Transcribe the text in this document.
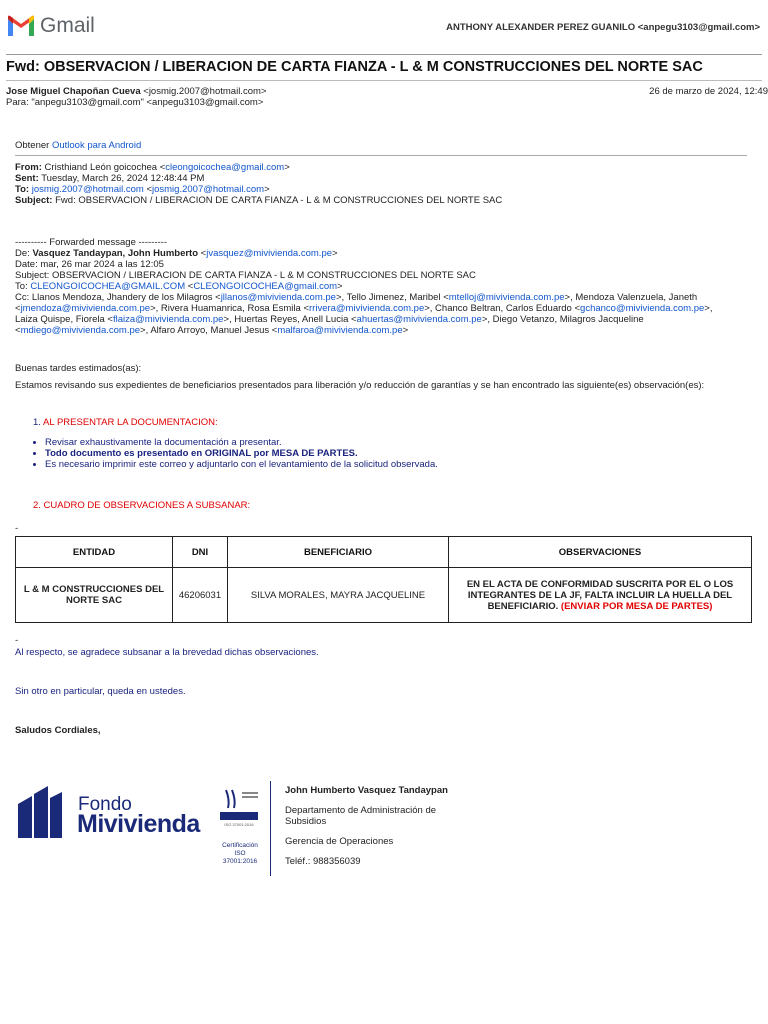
Gmail	ANTHONY ALEXANDER PEREZ GUANILO <anpegu3103@gmail.com>
Fwd: OBSERVACION / LIBERACION DE CARTA FIANZA - L & M CONSTRUCCIONES DEL NORTE SAC
Jose Miguel Chapoñan Cueva <josmig.2007@hotmail.com>	26 de marzo de 2024, 12:49
Para: "anpegu3103@gmail.com" <anpegu3103@gmail.com>
Obtener Outlook para Android
From: Cristhiand León goicochea <cleongoicochea@gmail.com>
Sent: Tuesday, March 26, 2024 12:48:44 PM
To: josmig.2007@hotmail.com <josmig.2007@hotmail.com>
Subject: Fwd: OBSERVACION / LIBERACION DE CARTA FIANZA - L & M CONSTRUCCIONES DEL NORTE SAC
---------- Forwarded message ---------
De: Vasquez Tandaypan, John Humberto <jvasquez@mivivienda.com.pe>
Date: mar, 26 mar 2024 a las 12:05
Subject: OBSERVACION / LIBERACION DE CARTA FIANZA - L & M CONSTRUCCIONES DEL NORTE SAC
To: CLEONGOICOCHEA@GMAIL.COM <CLEONGOICOCHEA@gmail.com>
Cc: Llanos Mendoza, Jhandery de los Milagros <jllanos@mivivienda.com.pe>, Tello Jimenez, Maribel <mtelloj@mivivienda.com.pe>, Mendoza Valenzuela, Janeth
<jmendoza@mivivienda.com.pe>, Rivera Huamanrica, Rosa Esmila <rrivera@mivivienda.com.pe>, Chanco Beltran, Carlos Eduardo <gchanco@mivivienda.com.pe>,
Laiza Quispe, Fiorela <flaiza@mivivienda.com.pe>, Huertas Reyes, Anell Lucia <ahuertas@mivivienda.com.pe>, Diego Vetanzo, Milagros Jacqueline
<mdiego@mivivienda.com.pe>, Alfaro Arroyo, Manuel Jesus <malfaroa@mivivienda.com.pe>
Buenas tardes estimados(as):
Estamos revisando sus expedientes de beneficiarios presentados para liberación y/o reducción de garantías y se han encontrado las siguiente(es) observación(es):
1. AL PRESENTAR LA DOCUMENTACION:
• Revisar exhaustivamente la documentación a presentar.
• Todo documento es presentado en ORIGINAL por MESA DE PARTES.
• Es necesario imprimir este correo y adjuntarlo con el levantamiento de la solicitud observada.
2. CUADRO DE OBSERVACIONES A SUBSANAR:
-
ENTIDAD	DNI	BENEFICIARIO	OBSERVACIONES
L & M CONSTRUCCIONES DEL NORTE SAC	46206031	SILVA MORALES, MAYRA JACQUELINE	EN EL ACTA DE CONFORMIDAD SUSCRITA POR EL O LOS INTEGRANTES DE LA JF, FALTA INCLUIR LA HUELLA DEL BENEFICIARIO. (ENVIAR POR MESA DE PARTES)
-
Al respecto, se agradece subsanar a la brevedad dichas observaciones.
Sin otro en particular, queda en ustedes.
Saludos Cordiales,
Fondo
Mivivienda	ISO 37001:2016
Certificación
ISO 37001:2016
John Humberto Vasquez Tandaypan
Departamento de Administración de Subsidios
Gerencia de Operaciones
Teléf.: 988356039
